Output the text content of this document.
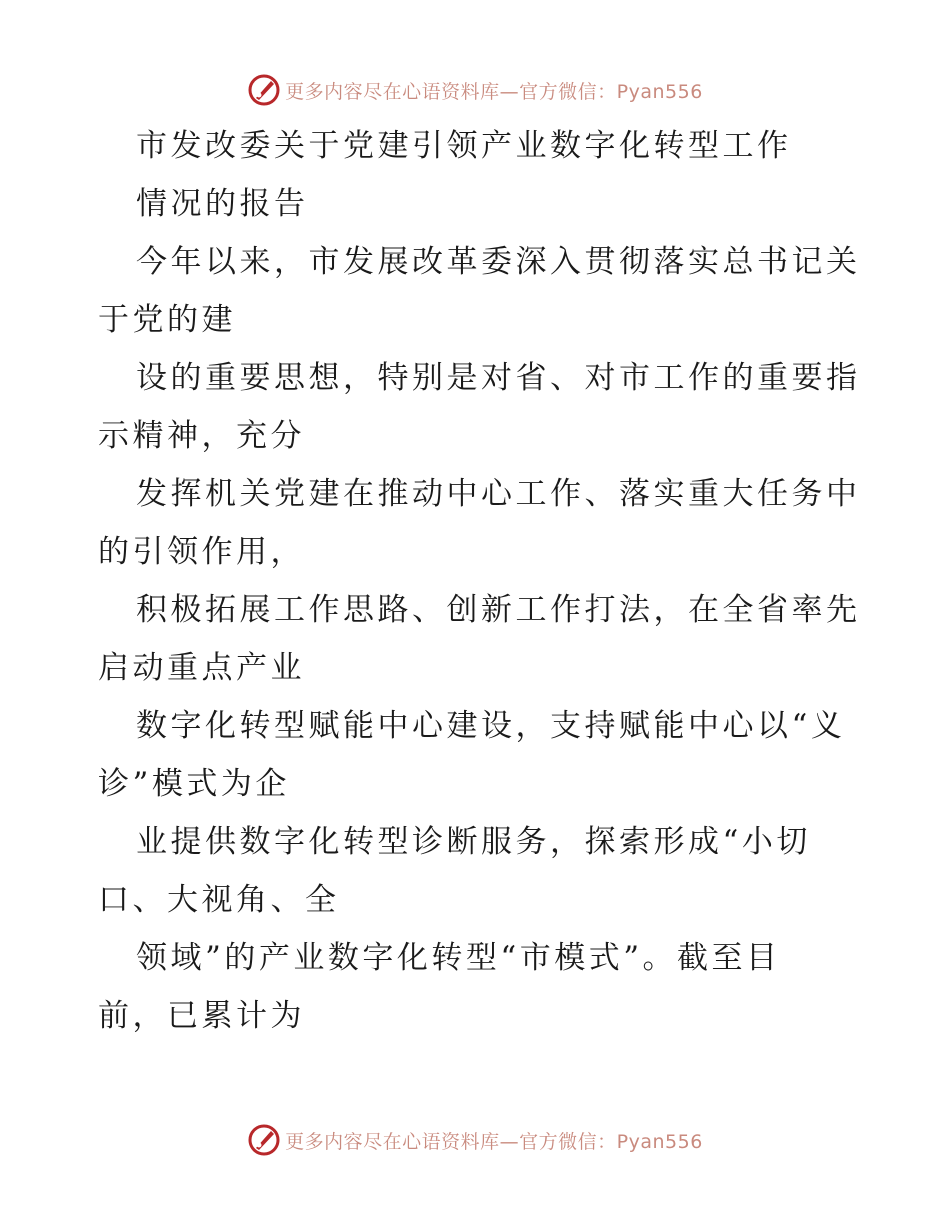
更多内容尽在心语资料库—官方微信：Pyan556
市发改委关于党建引领产业数字化转型工作
情况的报告
今年以来，市发展改革委深入贯彻落实总书记关
于党的建
设的重要思想，特别是对省、对市工作的重要指
示精神，充分
发挥机关党建在推动中心工作、落实重大任务中
的引领作用，
积极拓展工作思路、创新工作打法，在全省率先
启动重点产业
数字化转型赋能中心建设，支持赋能中心以“义
诊”模式为企
业提供数字化转型诊断服务，探索形成“小切
口、大视角、全
领域”的产业数字化转型“市模式”。截至目
前，已累计为
更多内容尽在心语资料库—官方微信：Pyan556
